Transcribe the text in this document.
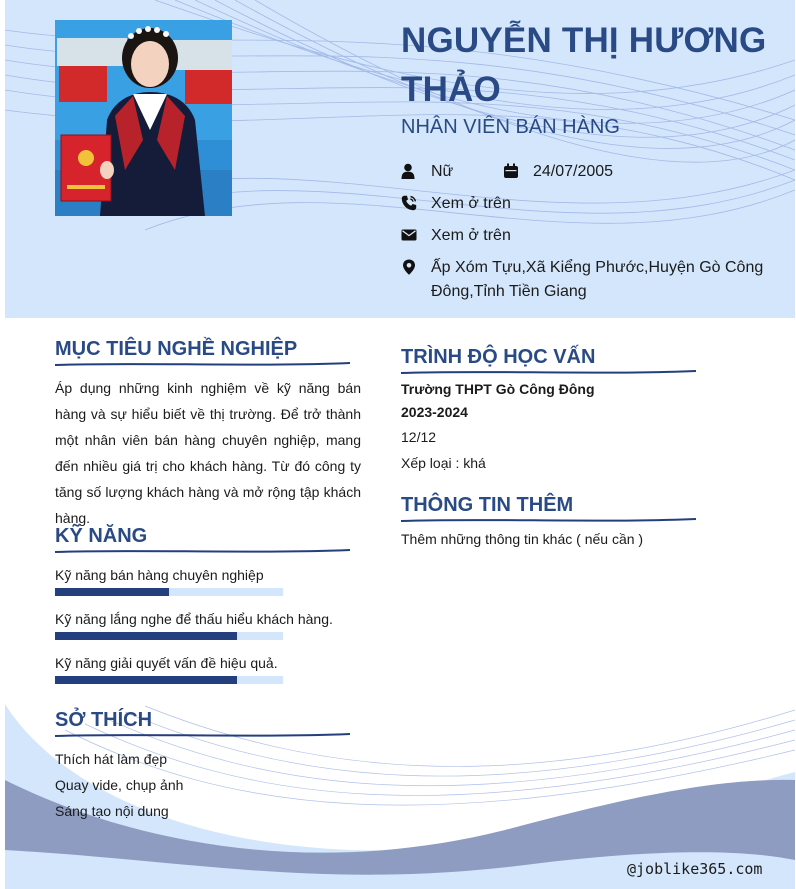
NGUYỄN THỊ HƯƠNG THẢO
NHÂN VIÊN BÁN HÀNG
Nữ	24/07/2005
Xem ở trên
Xem ở trên
Ấp Xóm Tựu,Xã Kiểng Phước,Huyện Gò Công Đông,Tỉnh Tiền Giang
MỤC TIÊU NGHỀ NGHIỆP

Áp dụng những kinh nghiệm về kỹ năng bán hàng và sự hiểu biết về thị trường. Để trở thành một nhân viên bán hàng chuyên nghiệp, mang đến nhiều giá trị cho khách hàng. Từ đó công ty tăng số lượng khách hàng và mở rộng tập khách hàng.

KỸ NĂNG
Kỹ năng bán hàng chuyên nghiệp
Kỹ năng lắng nghe để thấu hiểu khách hàng.
Kỹ năng giải quyết vấn đề hiệu quả.
SỞ THÍCH
Thích hát làm đẹp
Quay vide, chụp ảnh
Sáng tạo nội dung
TRÌNH ĐỘ HỌC VẤN
Trường THPT Gò Công Đông
2023-2024
12/12
Xếp loại : khá
THÔNG TIN THÊM
Thêm những thông tin khác ( nếu cần )
@joblike365.com
